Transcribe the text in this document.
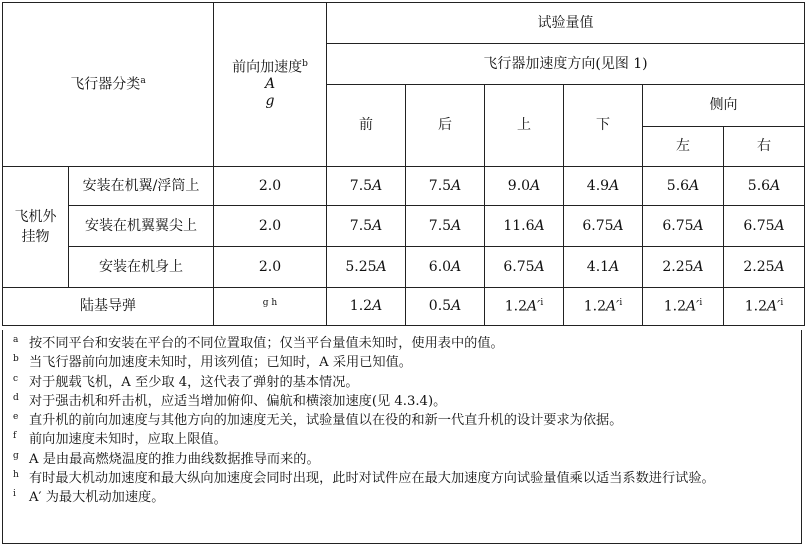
飞行器分类$^a$		前向加速度$^b$
A
g	试验量值					
			飞行器加速度方向(见图 1)					
			前	后	上	下	侧向	
							左	右

飞机外挂物	安装在机翼/浮筒上	2.0	7.5A	7.5A	9.0A	4.9A	5.6A	5.6A
	安装在机翼翼尖上	2.0	7.5A	7.5A	11.6A	6.75A	6.75A	6.75A
	安装在机身上	2.0	5.25A	6.0A	6.75A	4.1A	2.25A	2.25A
陆基导弹		$^{g h}$	1.2A	0.5A	$1.2A'^i$	$1.2A'^i$	$1.2A'^i$	$1.2A'^i$
a 按不同平台和安装在平台的不同位置取值；仅当平台量值未知时，使用表中的值。
b 当飞行器前向加速度未知时，用该列值；已知时，A 采用已知值。
c 对于舰载飞机，A 至少取 4，这代表了弹射的基本情况。
d 对于强击机和歼击机，应适当增加俯仰、偏航和横滚加速度(见 4.3.4)。
e 直升机的前向加速度与其他方向的加速度无关，试验量值以在役的和新一代直升机的设计要求为依据。
f 前向加速度未知时，应取上限值。
g A 是由最高燃烧温度的推力曲线数据推导而来的。
h 有时最大机动加速度和最大纵向加速度会同时出现，此时对试件应在最大加速度方向试验量值乘以适当系数进行试验。
i A′ 为最大机动加速度。
